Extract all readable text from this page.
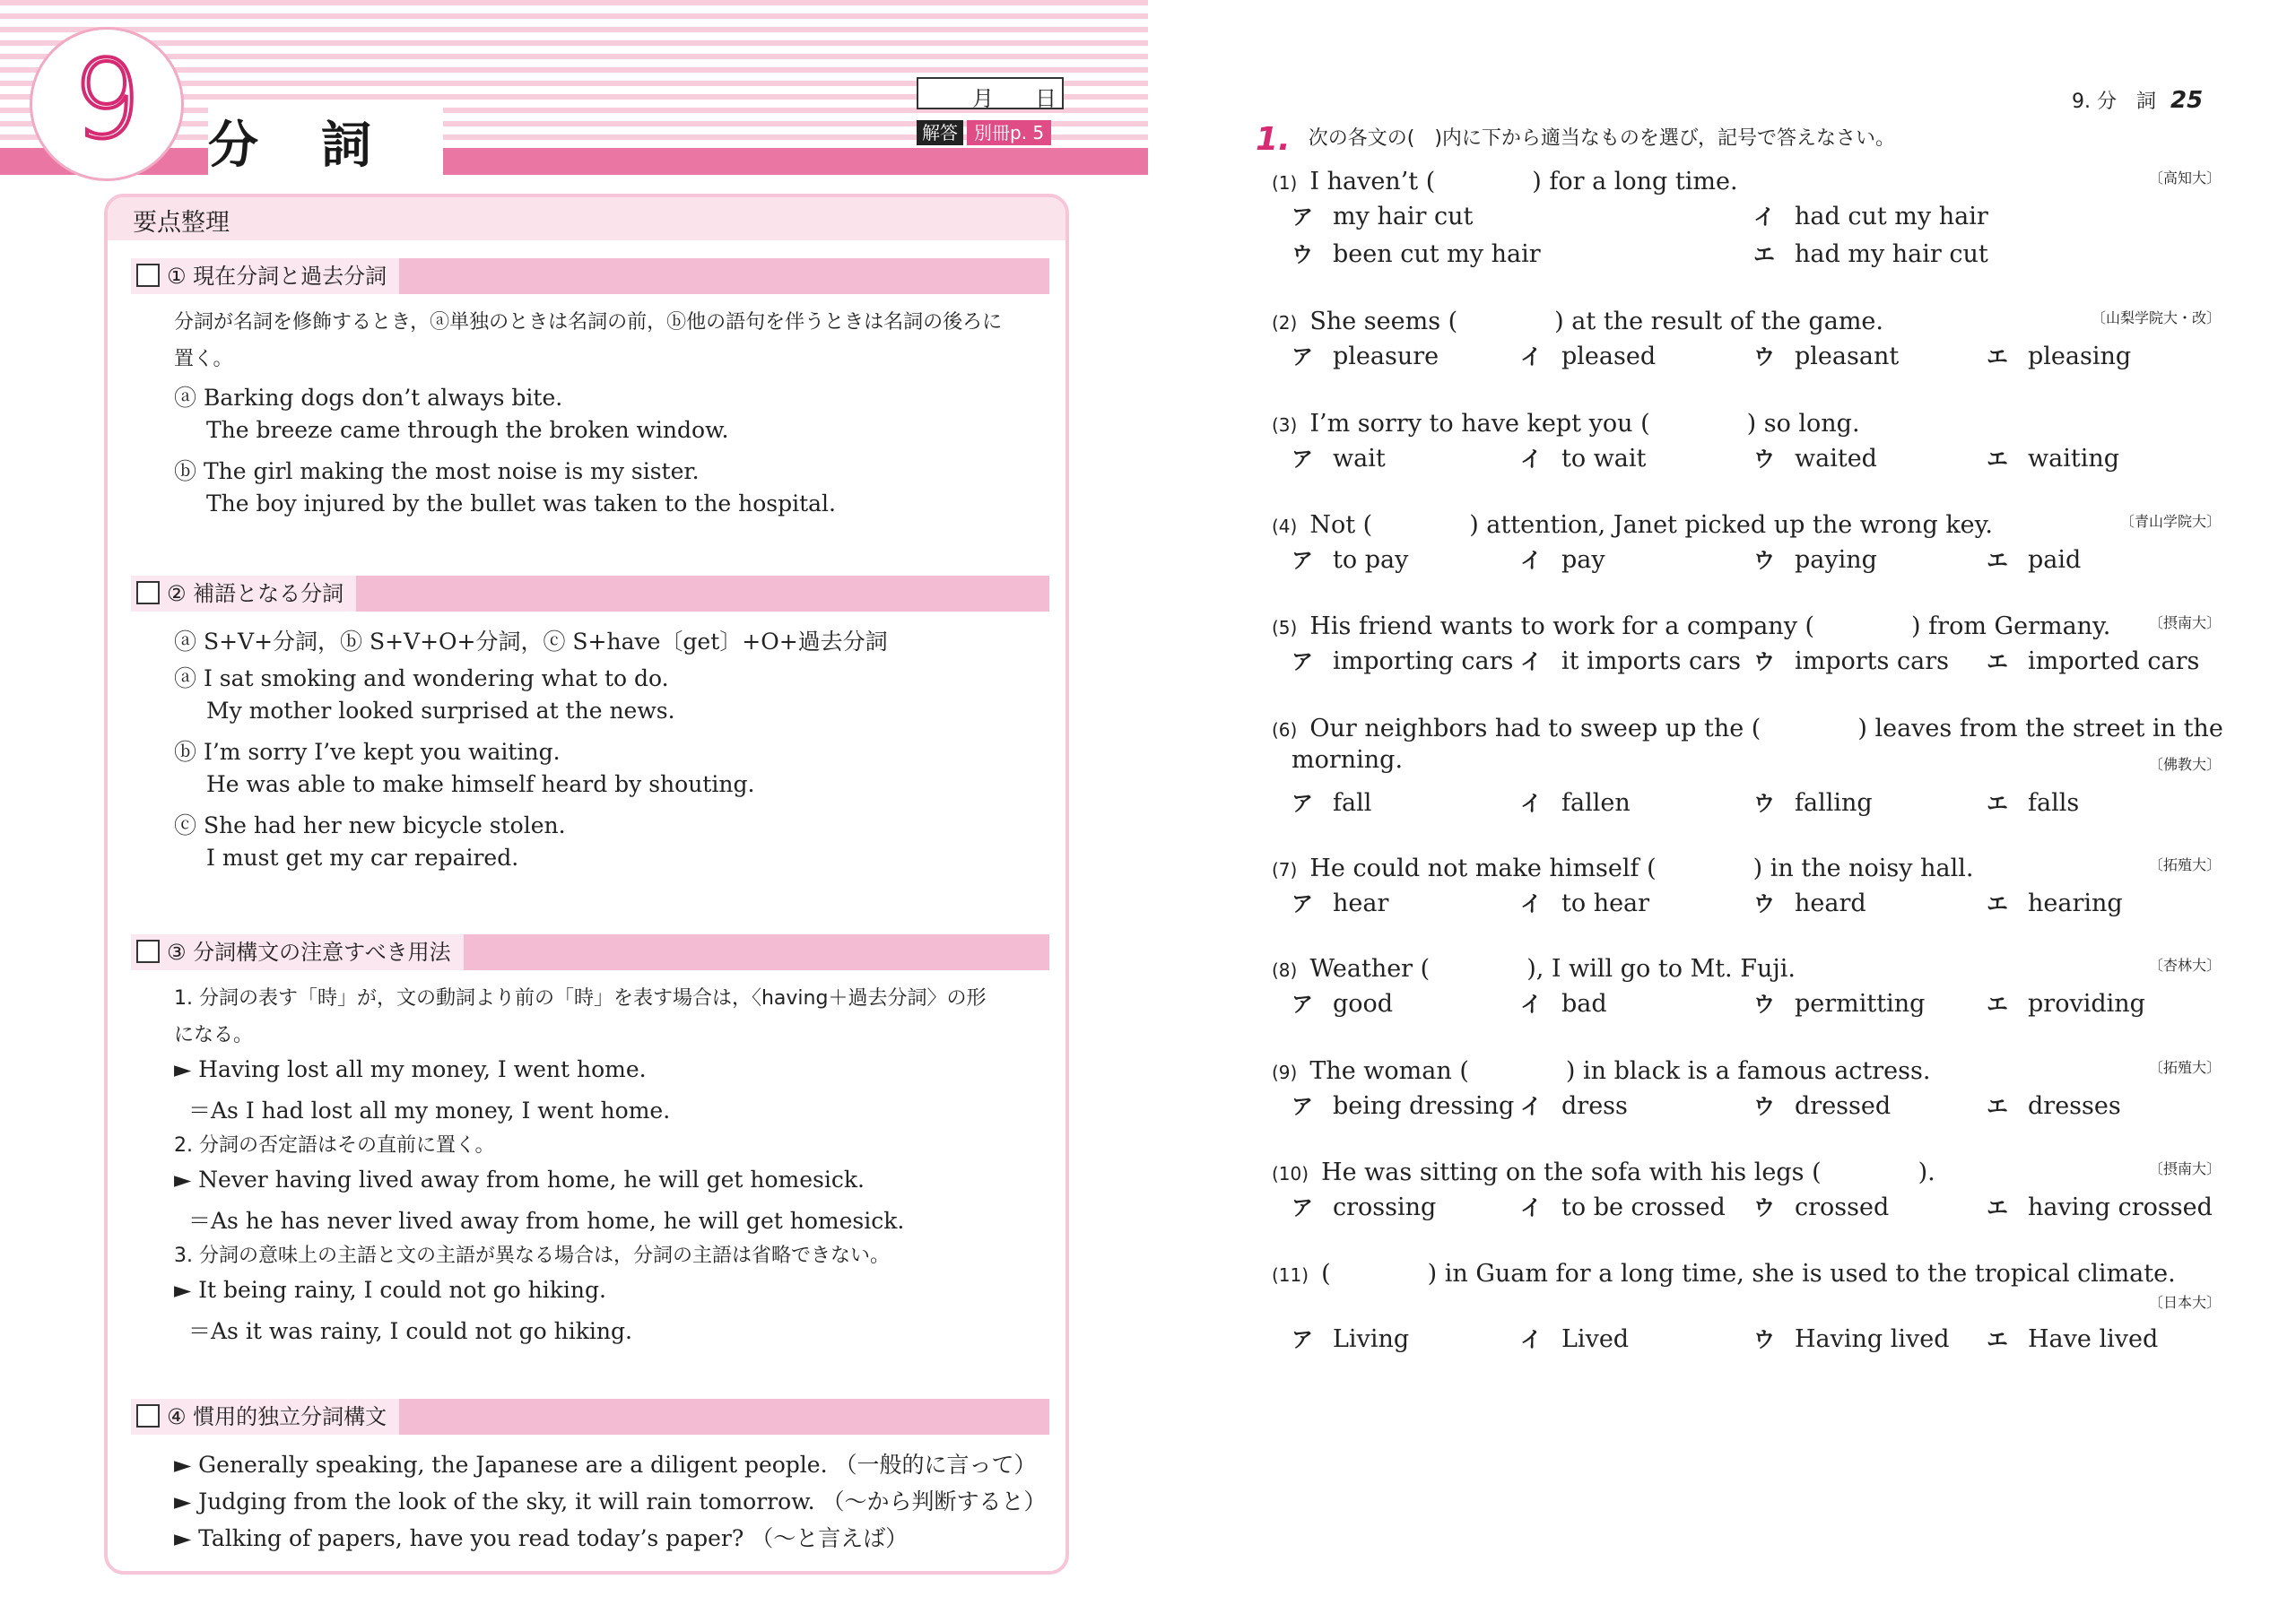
9	分詞
月 日
解答 別冊p. 5
要点整理
① 現在分詞と過去分詞
分詞が名詞を修飾するとき，ⓐ単独のときは名詞の前，ⓑ他の語句を伴うときは名詞の後ろに
置く。
ⓐ Barking dogs don’t always bite.
The breeze came through the broken window.
ⓑ The girl making the most noise is my sister.
The boy injured by the bullet was taken to the hospital.
② 補語となる分詞
ⓐ S+V+分詞，ⓑ S+V+O+分詞，ⓒ S+have〔get〕+O+過去分詞
ⓐ I sat smoking and wondering what to do.
My mother looked surprised at the news.
ⓑ I’m sorry I’ve kept you waiting.
He was able to make himself heard by shouting.
ⓒ She had her new bicycle stolen.
I must get my car repaired.
③ 分詞構文の注意すべき用法
1. 分詞の表す「時」が，文の動詞より前の「時」を表す場合は，〈having＋過去分詞〉の形
になる。
► Having lost all my money, I went home.
＝As I had lost all my money, I went home.
2. 分詞の否定語はその直前に置く。
► Never having lived away from home, he will get homesick.
＝As he has never lived away from home, he will get homesick.
3. 分詞の意味上の主語と文の主語が異なる場合は，分詞の主語は省略できない。
► It being rainy, I could not go hiking.
＝As it was rainy, I could not go hiking.
④ 慣用的独立分詞構文
► Generally speaking, the Japanese are a diligent people. （一般的に言って）
► Judging from the look of the sky, it will rain tomorrow. （〜から判断すると）
► Talking of papers, have you read today’s paper? （〜と言えば）
9. 分　詞 25
1. 次の各文の(　)内に下から適当なものを選び，記号で答えなさい。
(1) I haven’t (　　　　) for a long time.	〔高知大〕
ア my hair cut	イ had cut my hair
ウ been cut my hair	エ had my hair cut
(2) She seems (　　　　) at the result of the game.	〔山梨学院大・改〕
ア pleasure	イ pleased	ウ pleasant	エ pleasing
(3) I’m sorry to have kept you (　　　　) so long.
ア wait	イ to wait	ウ waited	エ waiting
(4) Not (　　　　) attention, Janet picked up the wrong key.	〔青山学院大〕
ア to pay	イ pay	ウ paying	エ paid
(5) His friend wants to work for a company (　　　　) from Germany.	〔摂南大〕
ア importing cars イ it imports cars ウ imports cars エ imported cars
(6) Our neighbors had to sweep up the (　　　　) leaves from the street in the
morning.	〔佛教大〕
ア fall	イ fallen	ウ falling	エ falls
(7) He could not make himself (　　　　) in the noisy hall.	〔拓殖大〕
ア hear	イ to hear	ウ heard	エ hearing
(8) Weather (　　　　), I will go to Mt. Fuji.	〔杏林大〕
ア good	イ bad	ウ permitting	エ providing
(9) The woman (　　　　) in black is a famous actress.	〔拓殖大〕
ア being dressing イ dress	ウ dressed	エ dresses
(10) He was sitting on the sofa with his legs (　　　　).	〔摂南大〕
ア crossing	イ to be crossed ウ crossed	エ having crossed
(11) (　　　　) in Guam for a long time, she is used to the tropical climate.
〔日本大〕
ア Living	イ Lived	ウ Having lived エ Have lived
